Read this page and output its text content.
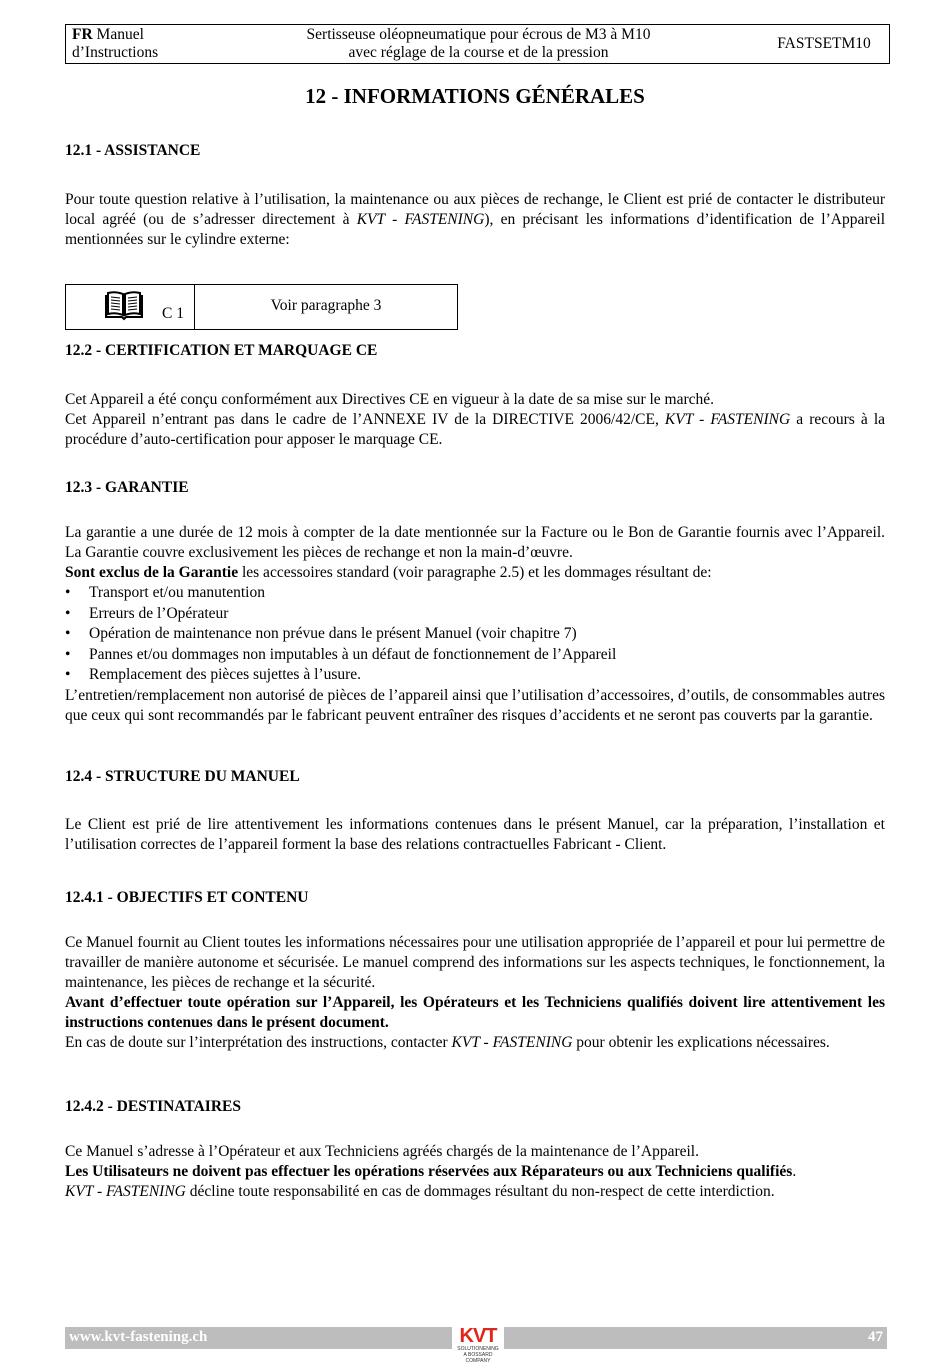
FR Manuel
d’Instructions
Sertisseuse oléopneumatique pour écrous de M3 à M10
avec réglage de la course et de la pression
FASTSETM10
12 - INFORMATIONS GÉNÉRALES
12.1 - ASSISTANCE

Pour toute question relative à l’utilisation, la maintenance ou aux pièces de rechange, le Client est prié de contacter le distributeur local agréé (ou de s’adresser directement à KVT - FASTENING), en précisant les informations d’identification de l’Appareil mentionnées sur le cylindre externe:

C 1	Voir paragraphe 3
12.2 - CERTIFICATION ET MARQUAGE CE

Cet Appareil a été conçu conformément aux Directives CE en vigueur à la date de sa mise sur le marché.

Cet Appareil n’entrant pas dans le cadre de l’ANNEXE IV de la DIRECTIVE 2006/42/CE, KVT - FASTENING a recours à la procédure d’auto-certification pour apposer le marquage CE.

12.3 - GARANTIE

La garantie a une durée de 12 mois à compter de la date mentionnée sur la Facture ou le Bon de Garantie fournis avec l’Appareil. La Garantie couvre exclusivement les pièces de rechange et non la main-d’œuvre.

Sont exclus de la Garantie les accessoires standard (voir paragraphe 2.5) et les dommages résultant de:

• Transport et/ou manutention
• Erreurs de l’Opérateur
• Opération de maintenance non prévue dans le présent Manuel (voir chapitre 7)
• Pannes et/ou dommages non imputables à un défaut de fonctionnement de l’Appareil
• Remplacement des pièces sujettes à l’usure.

L’entretien/remplacement non autorisé de pièces de l’appareil ainsi que l’utilisation d’accessoires, d’outils, de consommables autres que ceux qui sont recommandés par le fabricant peuvent entraîner des risques d’accidents et ne seront pas couverts par la garantie.

12.4 - STRUCTURE DU MANUEL
Le Client est prié de lire attentivement les informations contenues dans le présent Manuel, car la préparation, l’installation et l’utilisation correctes de l’appareil forment la base des relations contractuelles Fabricant - Client.
12.4.1 - OBJECTIFS ET CONTENU

Ce Manuel fournit au Client toutes les informations nécessaires pour une utilisation appropriée de l’appareil et pour lui permettre de travailler de manière autonome et sécurisée. Le manuel comprend des informations sur les aspects techniques, le fonctionnement, la maintenance, les pièces de rechange et la sécurité.

Avant d’effectuer toute opération sur l’Appareil, les Opérateurs et les Techniciens qualifiés doivent lire attentivement les instructions contenues dans le présent document.

En cas de doute sur l’interprétation des instructions, contacter KVT - FASTENING pour obtenir les explications nécessaires.

12.4.2 - DESTINATAIRES

Ce Manuel s’adresse à l’Opérateur et aux Techniciens agréés chargés de la maintenance de l’Appareil.

Les Utilisateurs ne doivent pas effectuer les opérations réservées aux Réparateurs ou aux Techniciens qualifiés.

KVT - FASTENING décline toute responsabilité en cas de dommages résultant du non-respect de cette interdiction.

www.kvt-fastening.ch	47
KVT
SOLUTIONENING
A BOSSARD COMPANY
